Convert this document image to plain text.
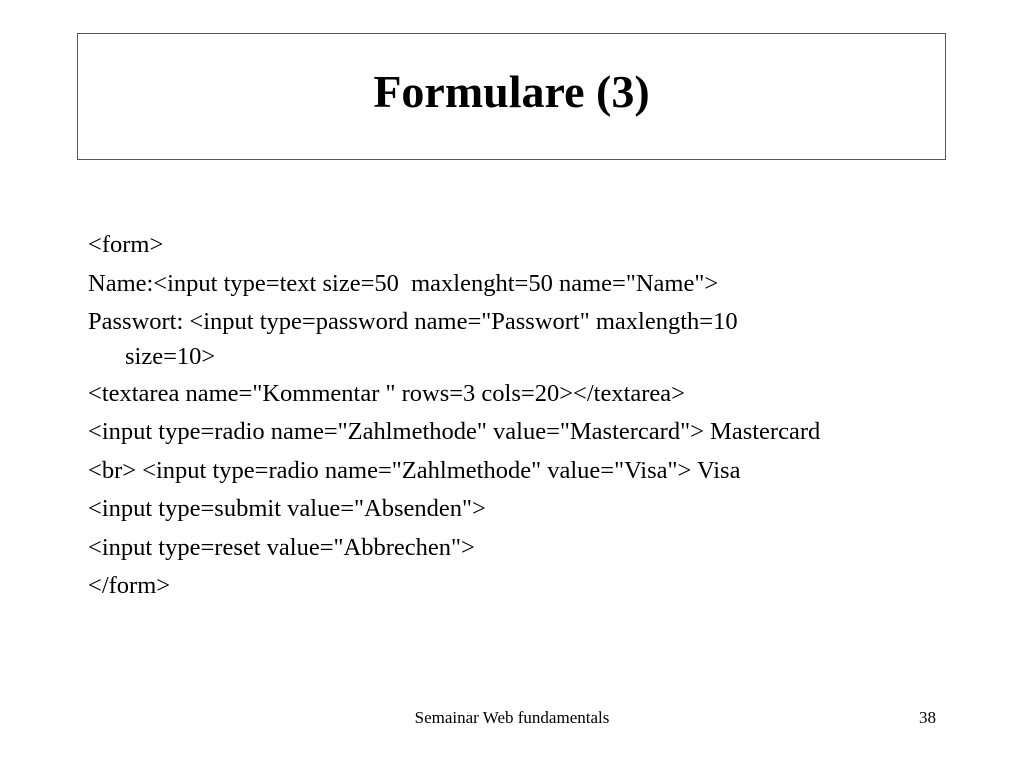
Formulare (3)
<form>
Name:<input type=text size=50  maxlenght=50 name="Name">
Passwort: <input type=password name="Passwort" maxlength=10
size=10>
<textarea name="Kommentar " rows=3 cols=20></textarea>
<input type=radio name="Zahlmethode" value="Mastercard"> Mastercard
<br> <input type=radio name="Zahlmethode" value="Visa"> Visa
<input type=submit value="Absenden">
<input type=reset value="Abbrechen">
</form>
Semainar Web fundamentals	38
